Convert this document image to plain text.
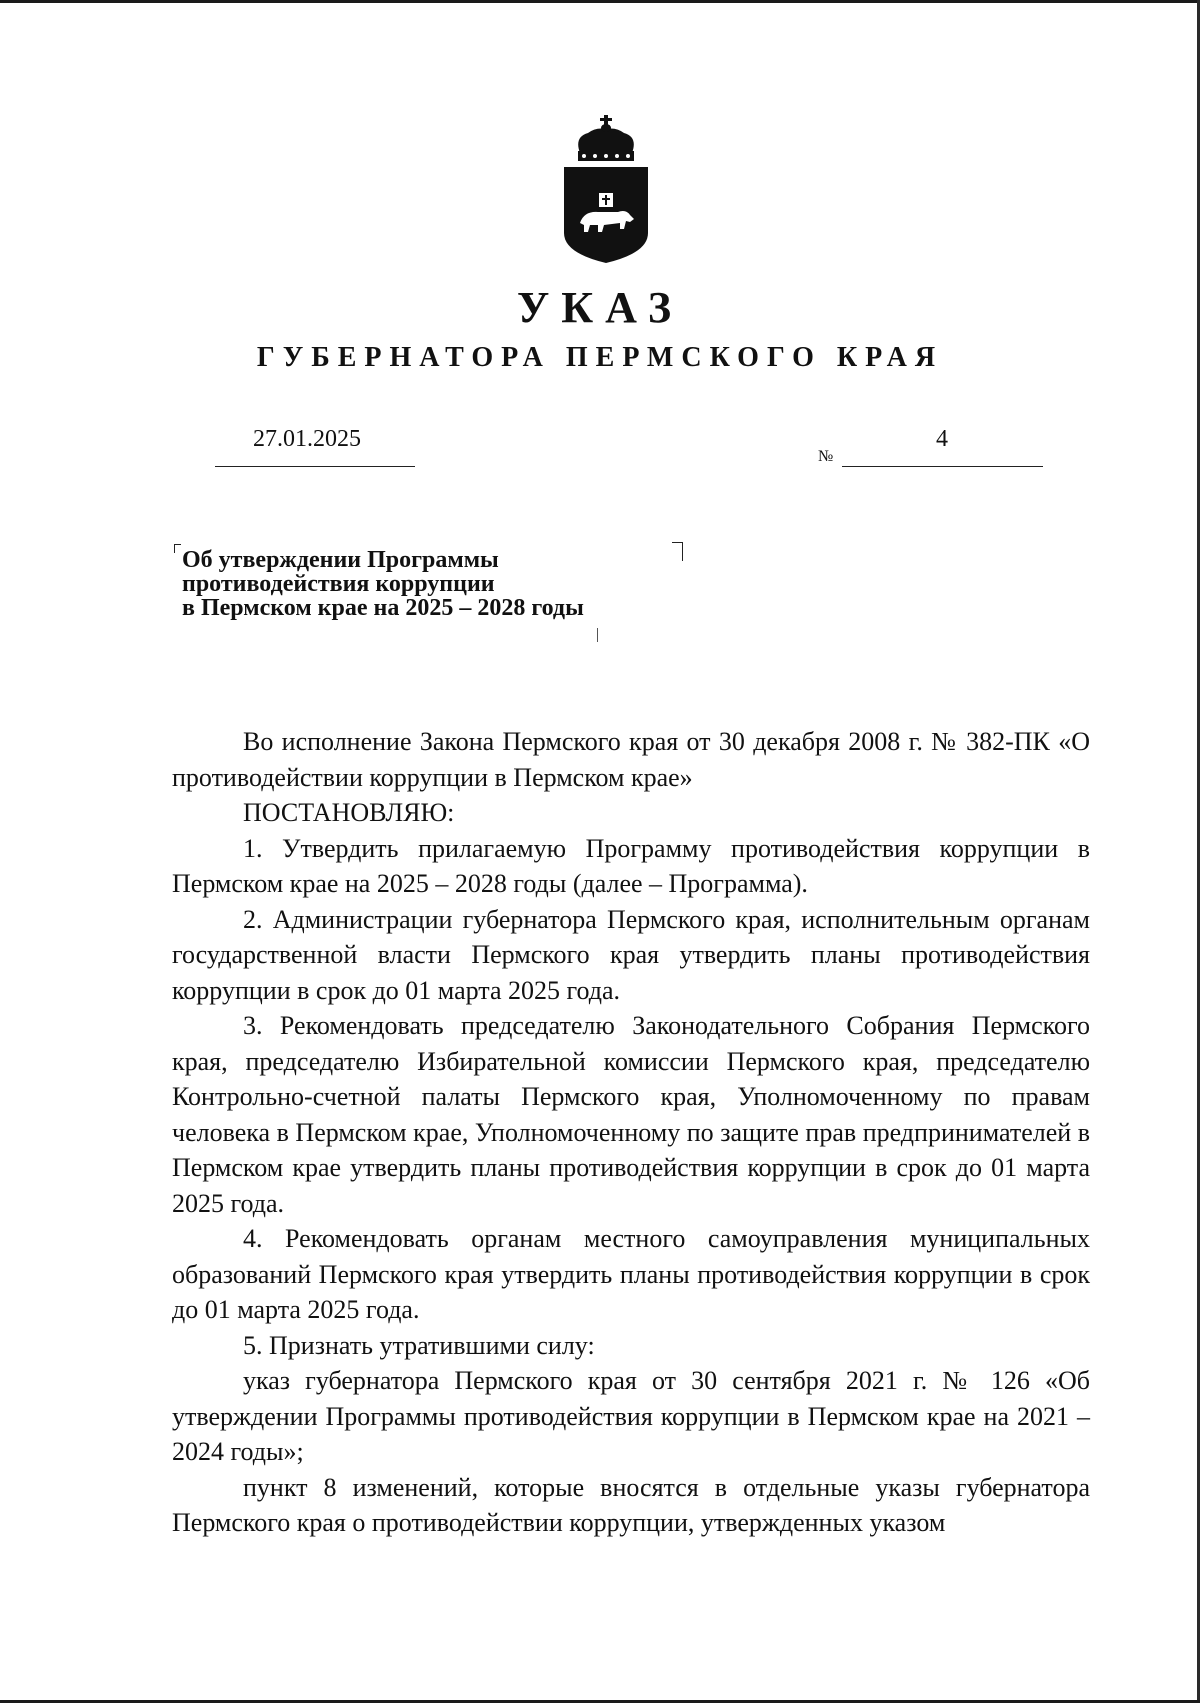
УКАЗ
ГУБЕРНАТОРА ПЕРМСКОГО КРАЯ
27.01.2025
№
4
Об утверждении Программы
противодействия коррупции
в Пермском крае на 2025 – 2028 годы

Во исполнение Закона Пермского края от 30 декабря 2008 г. № 382-ПК «О противодействии коррупции в Пермском крае»

ПОСТАНОВЛЯЮ:

1. Утвердить прилагаемую Программу противодействия коррупции в Пермском крае на 2025 – 2028 годы (далее – Программа).

2. Администрации губернатора Пермского края, исполнительным органам государственной власти Пермского края утвердить планы противодействия коррупции в срок до 01 марта 2025 года.

3. Рекомендовать председателю Законодательного Собрания Пермского края, председателю Избирательной комиссии Пермского края, председателю Контрольно-счетной палаты Пермского края, Уполномоченному по правам человека в Пермском крае, Уполномоченному по защите прав предпринимателей в Пермском крае утвердить планы противодействия коррупции в срок до 01 марта 2025 года.

4. Рекомендовать органам местного самоуправления муниципальных образований Пермского края утвердить планы противодействия коррупции в срок до 01 марта 2025 года.

5. Признать утратившими силу:

указ губернатора Пермского края от 30 сентября 2021 г. № 126 «Об утверждении Программы противодействия коррупции в Пермском крае на 2021 – 2024 годы»;

пункт 8 изменений, которые вносятся в отдельные указы губернатора Пермского края о противодействии коррупции, утвержденных указом
